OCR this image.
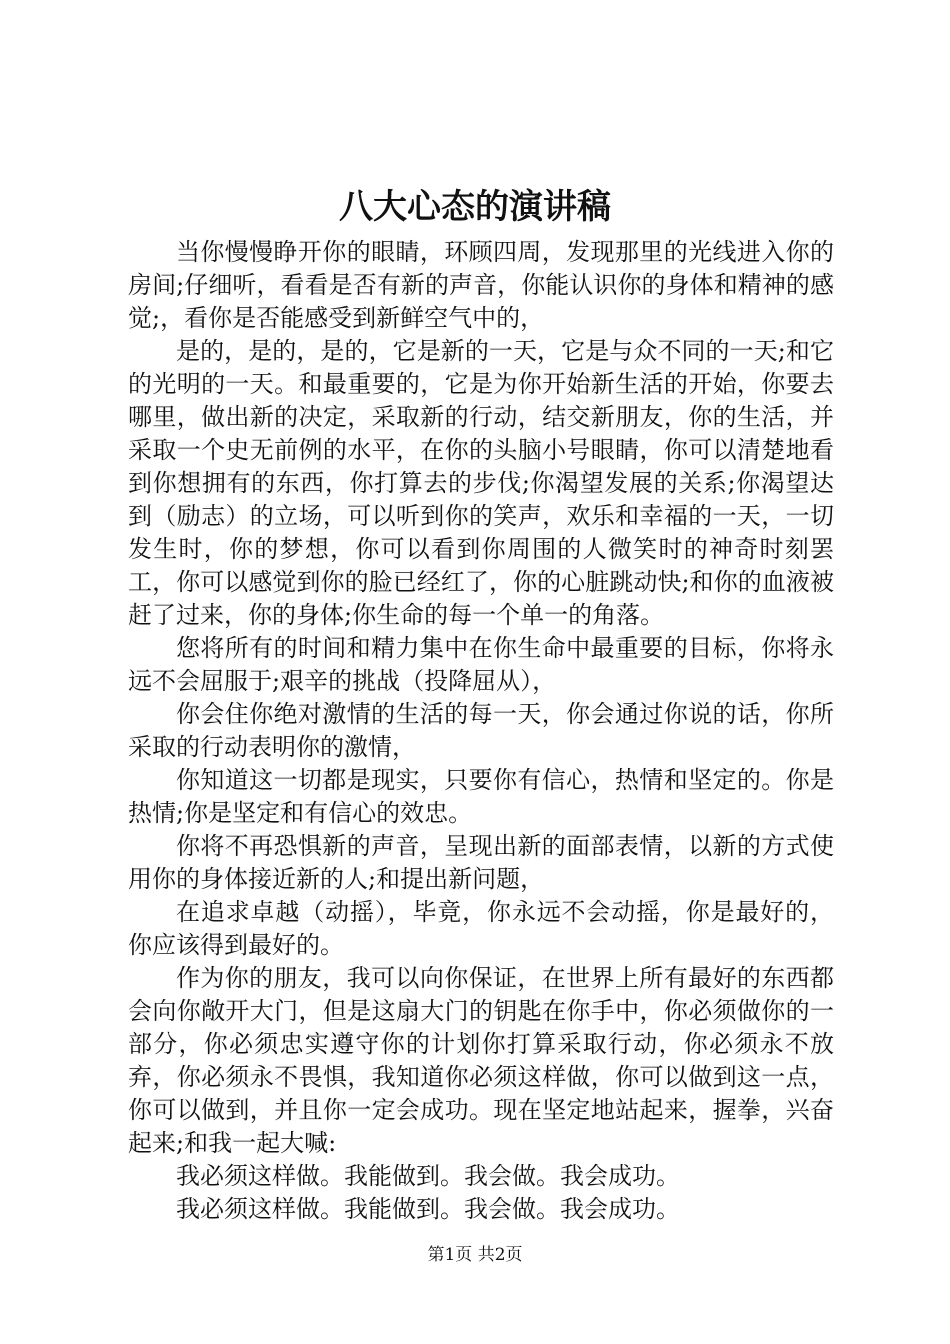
八大心态的演讲稿

当你慢慢睁开你的眼睛，环顾四周，发现那里的光线进入你的房间;仔细听，看看是否有新的声音，你能认识你的身体和精神的感觉;，看你是否能感受到新鲜空气中的，

是的，是的，是的，它是新的一天，它是与众不同的一天;和它的光明的一天。和最重要的，它是为你开始新生活的开始，你要去哪里，做出新的决定，采取新的行动，结交新朋友，你的生活，并采取一个史无前例的水平，在你的头脑小号眼睛，你可以清楚地看到你想拥有的东西，你打算去的步伐;你渴望发展的关系;你渴望达到（励志）的立场，可以听到你的笑声，欢乐和幸福的一天，一切发生时，你的梦想，你可以看到你周围的人微笑时的神奇时刻罢工，你可以感觉到你的脸已经红了，你的心脏跳动快;和你的血液被赶了过来，你的身体;你生命的每一个单一的角落。

您将所有的时间和精力集中在你生命中最重要的目标，你将永远不会屈服于;艰辛的挑战（投降屈从），

你会住你绝对激情的生活的每一天，你会通过你说的话，你所采取的行动表明你的激情，

你知道这一切都是现实，只要你有信心，热情和坚定的。你是热情;你是坚定和有信心的效忠。

你将不再恐惧新的声音，呈现出新的面部表情，以新的方式使用你的身体接近新的人;和提出新问题，

在追求卓越（动摇），毕竟，你永远不会动摇，你是最好的，你应该得到最好的。

作为你的朋友，我可以向你保证，在世界上所有最好的东西都会向你敞开大门，但是这扇大门的钥匙在你手中，你必须做你的一部分，你必须忠实遵守你的计划你打算采取行动，你必须永不放弃，你必须永不畏惧，我知道你必须这样做，你可以做到这一点，你可以做到，并且你一定会成功。现在坚定地站起来，握拳，兴奋起来;和我一起大喊:

我必须这样做。我能做到。我会做。我会成功。

我必须这样做。我能做到。我会做。我会成功。

第1页 共2页
